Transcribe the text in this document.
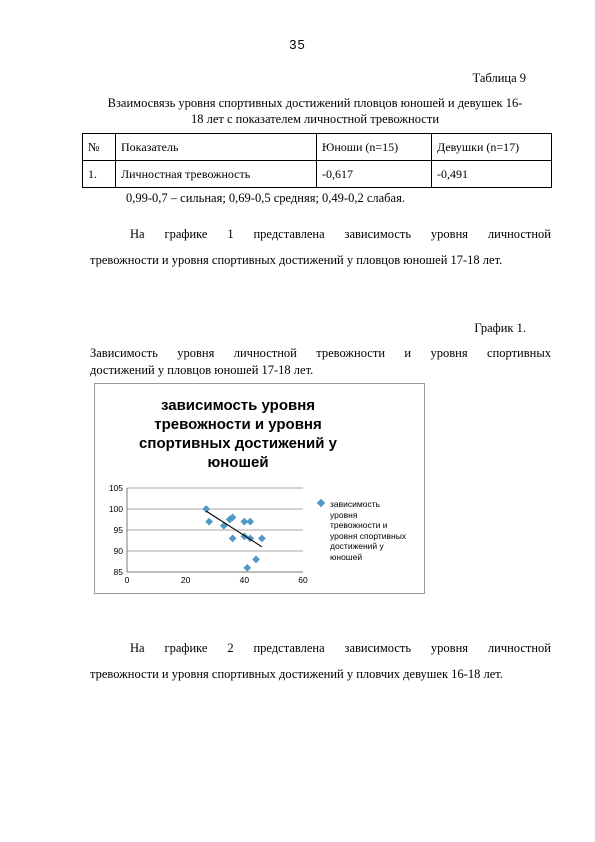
35
Таблица 9
Взаимосвязь уровня спортивных достижений пловцов юношей и девушек 16-
18 лет с показателем личностной тревожности
№	Показатель	Юноши (n=15)	Девушки (n=17)
1.	Личностная тревожность	-0,617	-0,491
0,99-0,7 – сильная; 0,69-0,5 средняя; 0,49-0,2 слабая.
На графике 1 представлена зависимость уровня личностной
тревожности и уровня спортивных достижений у пловцов юношей 17-18 лет.
График 1.
Зависимость уровня личностной тревожности и уровня спортивных
достижений у пловцов юношей 17-18 лет.
зависимость уровня
тревожности и уровня
спортивных достижений у
юношей
85
90
95
100
105
0	20	40	60
зависимость
уровня
тревожности и
уровня спортивных
достижений у
юношей
На графике 2 представлена зависимость уровня личностной
тревожности и уровня спортивных достижений у пловчих девушек 16-18 лет.
